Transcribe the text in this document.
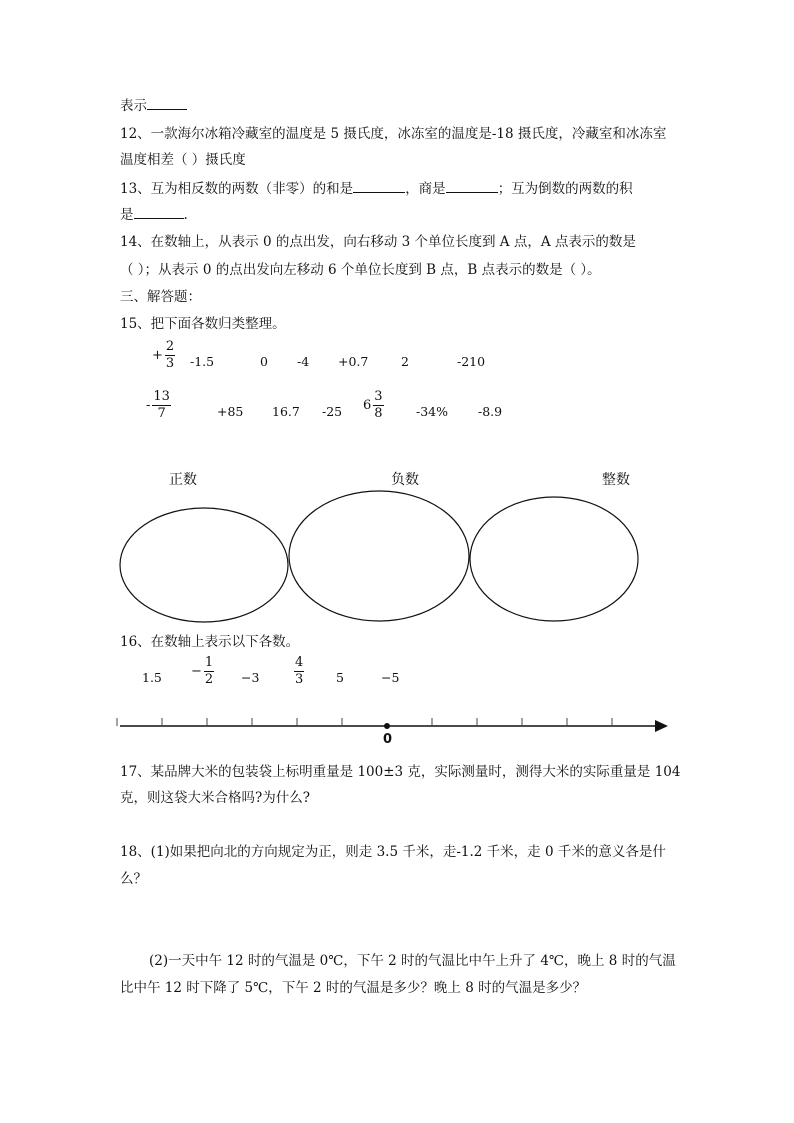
表示
12、一款海尔冰箱冷藏室的温度是 5 摄氏度，冰冻室的温度是-18 摄氏度，冷藏室和冰冻室
温度相差（ ）摄氏度
13、互为相反数的两数（非零）的和是	，商是	；互为倒数的两数的积
是	.
14、在数轴上，从表示 0 的点出发，向右移动 3 个单位长度到 A 点，A 点表示的数是
（ ）；从表示 0 的点出发向左移动 6 个单位长度到 B 点，B 点表示的数是（ ）。
三、解答题：
15、把下面各数归类整理。
正数	负数	整数
16、在数轴上表示以下各数。
0
17、某品牌大米的包装袋上标明重量是 100±3 克，实际测量时，测得大米的实际重量是 104
克，则这袋大米合格吗?为什么?
18、(1)如果把向北的方向规定为正，则走 3.5 千米，走-1.2 千米，走 0 千米的意义各是什
么？
(2)一天中午 12 时的气温是 0℃，下午 2 时的气温比中午上升了 4℃，晚上 8 时的气温
比中午 12 时下降了 5℃，下午 2 时的气温是多少？晚上 8 时的气温是多少？
+ $\frac{2}{3} -1.5$	0 -4 +0.7	2	-210
- $\frac{13}{7}$	+85 16.7 -25 $6 \frac{3}{8}$	-34% -8.9
$1.5 - \frac{1}{2} -3$	$\frac{4}{3}$	5	−5
